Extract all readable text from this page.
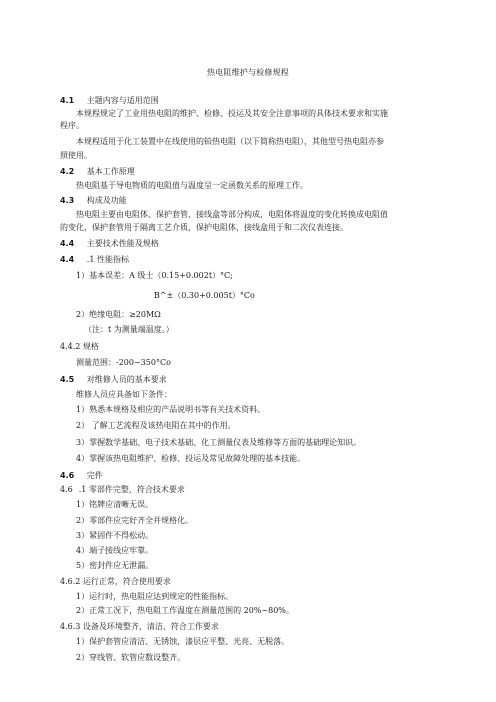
热电阻维护与检修规程
4.1 主题内容与适用范围
本规程规定了工业用热电阻的维护、检修、投运及其安全注意事项的具体技术要求和实施
程序。
本规程适用于化工装置中在线使用的铂热电阻（以下简称热电阻），其他型号热电阻亦参
照使用。
4.2 基本工作原理
热电阻基于导电物质的电阻值与温度呈一定函数关系的原理工作。
4.3 构成及功能
热电阻主要由电阻体、保护套管、接线盒等部分构成，电阻体将温度的变化转换成电阻值
的变化，保护套管用于隔离工艺介质，保护电阻体，接线盒用于和二次仪表连接。
4.4 主要技术性能及规格
4.4 .1 性能指标
1）基本误差：A 级士（0.15+0.002t）°C;
B^±（0.30+0.005t）°Co
2）绝缘电阻：≥20MΩ
（注：t 为测量端温度。）
4.4.2 规格
测量范围：-200~350°Co
4.5 对维修人员的基本要求
维修人员应具备如下条件：
1）熟悉本规格及相应的产品说明书等有关技术资料。
2） 了解工艺流程及该热电阻在其中的作用。
3）掌握数学基础、电子技术基础、化工测量仪表及维修等方面的基础理论知识。
4）掌握该热电阻维护、检修、投运及常见故障处理的基本技能。
4.6 完件
4.6 .1 零部件完整，符合技术要求
1）铭牌应清晰无误。
2）零部件应完好齐全并规格化。
3）紧固件不得松动。
4）端子接线应牢靠。
5）密封件应无泄漏。
4.6.2 运行正常，符合使用要求
1）运行时，热电阻应达到规定的性能指标。
2）正常工况下，热电阻工作温度在测量范围的 20%~80%。
4.6.3 设备及环境整齐、清洁、符合工作要求
1）保护套管应清洁、无锈蚀，漆层应平整、光亮、无脱落。
2）穿线管、软管应数设整齐。
